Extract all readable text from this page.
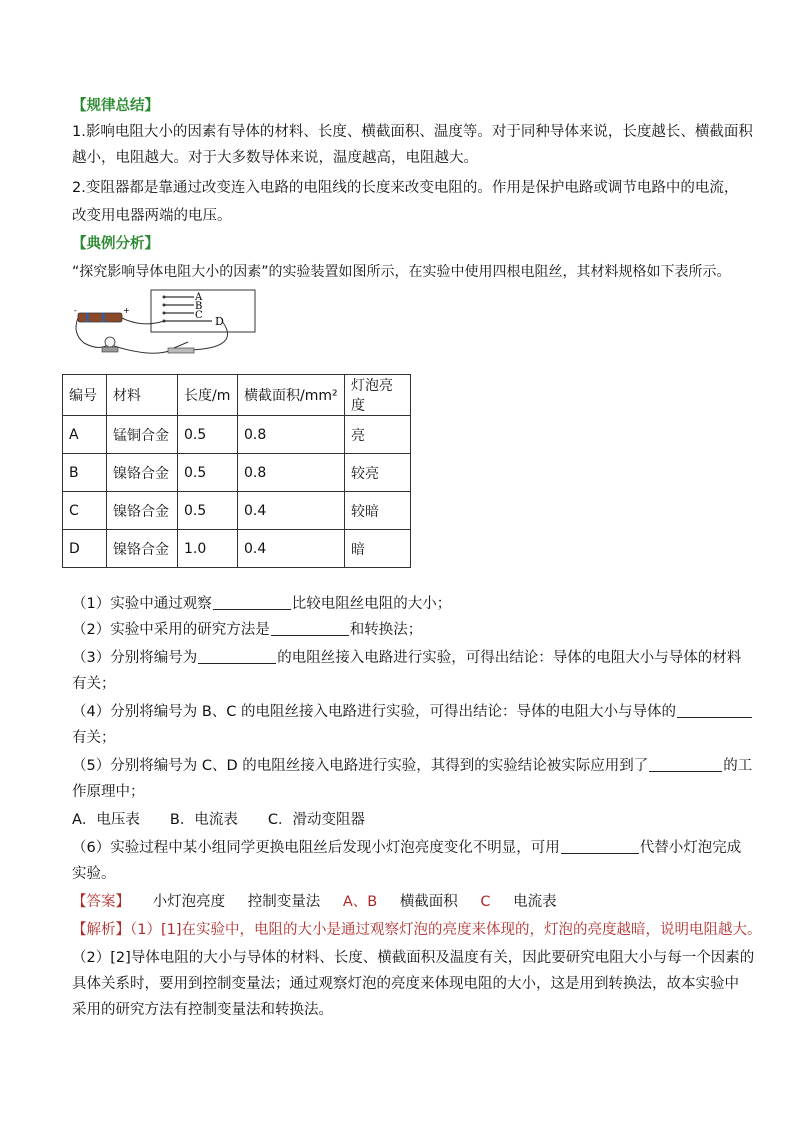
【规律总结】
1.影响电阻大小的因素有导体的材料、长度、横截面积、温度等。对于同种导体来说，长度越长、横截面积
越小，电阻越大。对于大多数导体来说，温度越高，电阻越大。
2.变阻器都是靠通过改变连入电路的电阻线的长度来改变电阻的。作用是保护电路或调节电路中的电流，
改变用电器两端的电压。
【典例分析】
“探究影响导体电阻大小的因素”的实验装置如图所示，在实验中使用四根电阻丝，其材料规格如下表所示。
A
B
C D
-	+
编号	材料	长度/m	横截面积/mm²	灯泡亮度
A	锰铜合金	0.5	0.8	亮
B	镍铬合金	0.5	0.8	较亮
C	镍铬合金	0.5	0.4	较暗
D	镍铬合金	1.0	0.4	暗
（1）实验中通过观察	比较电阻丝电阻的大小；
（2）实验中采用的研究方法是	和转换法；
（3）分别将编号为	的电阻丝接入电路进行实验，可得出结论：导体的电阻大小与导体的材料
有关；
（4）分别将编号为 B、C 的电阻丝接入电路进行实验，可得出结论：导体的电阻大小与导体的
有关；
（5）分别将编号为 C、D 的电阻丝接入电路进行实验，其得到的实验结论被实际应用到了	的工
作原理中；
A．电压表 B．电流表 C．滑动变阻器
（6）实验过程中某小组同学更换电阻丝后发现小灯泡亮度变化不明显，可用	代替小灯泡完成
实验。
【答案】 小灯泡亮度 控制变量法 A、B 横截面积 C 电流表
【解析】（1）[1]在实验中，电阻的大小是通过观察灯泡的亮度来体现的，灯泡的亮度越暗，说明电阻越大。
（2）[2]导体电阻的大小与导体的材料、长度、横截面积及温度有关，因此要研究电阻大小与每一个因素的
具体关系时，要用到控制变量法；通过观察灯泡的亮度来体现电阻的大小，这是用到转换法，故本实验中
采用的研究方法有控制变量法和转换法。
